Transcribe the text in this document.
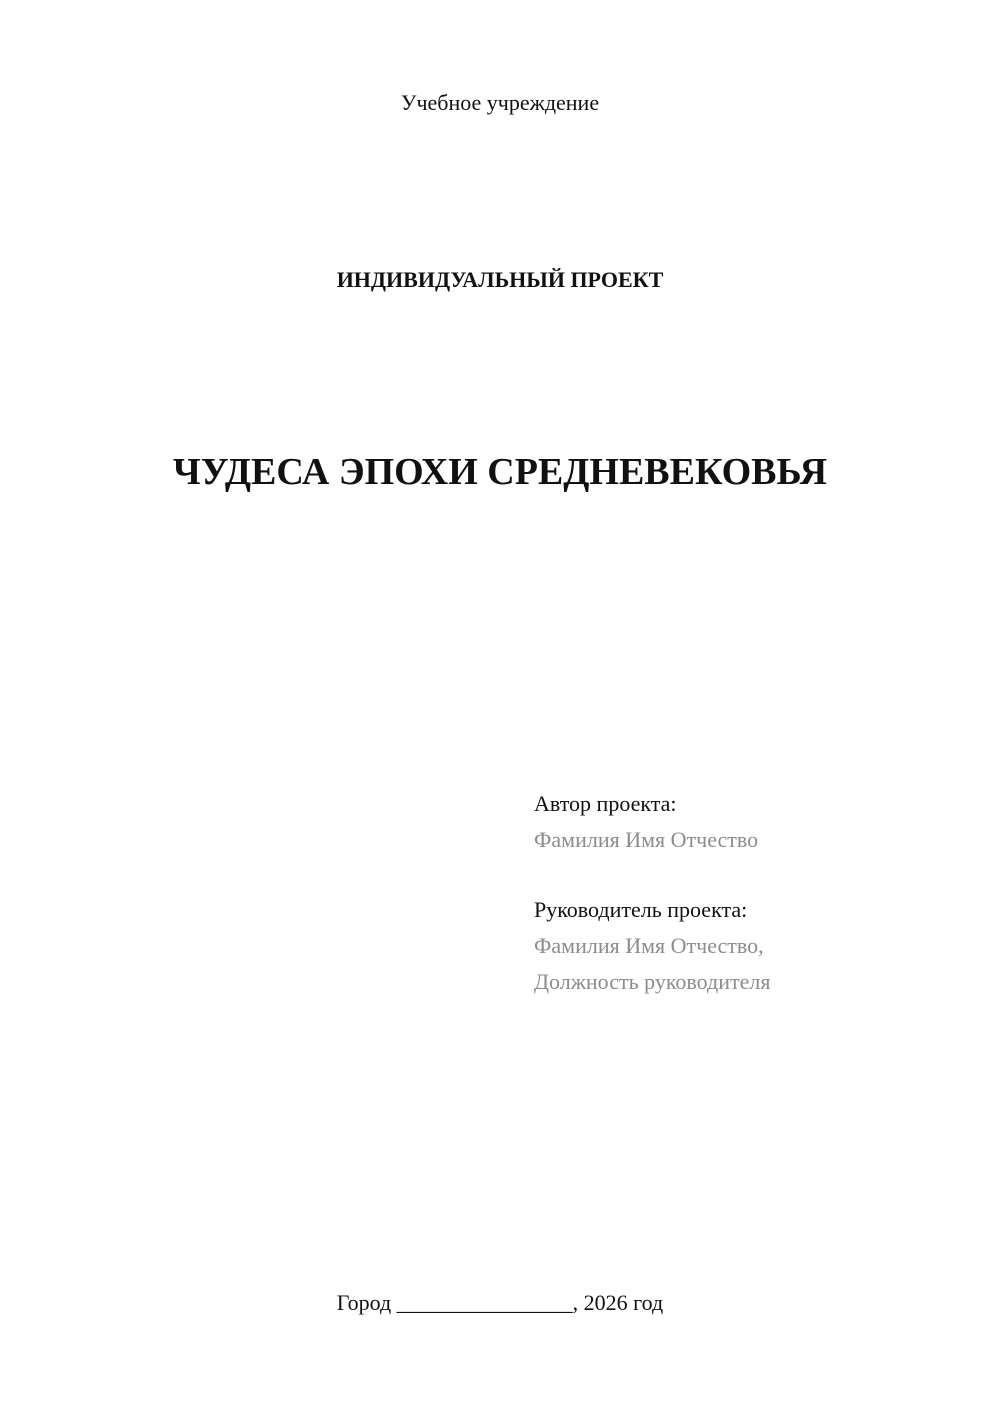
Учебное учреждение
ИНДИВИДУАЛЬНЫЙ ПРОЕКТ
ЧУДЕСА ЭПОХИ СРЕДНЕВЕКОВЬЯ
Автор проекта:
Фамилия Имя Отчество
Руководитель проекта:
Фамилия Имя Отчество,
Должность руководителя
Город ________________, 2026 год
